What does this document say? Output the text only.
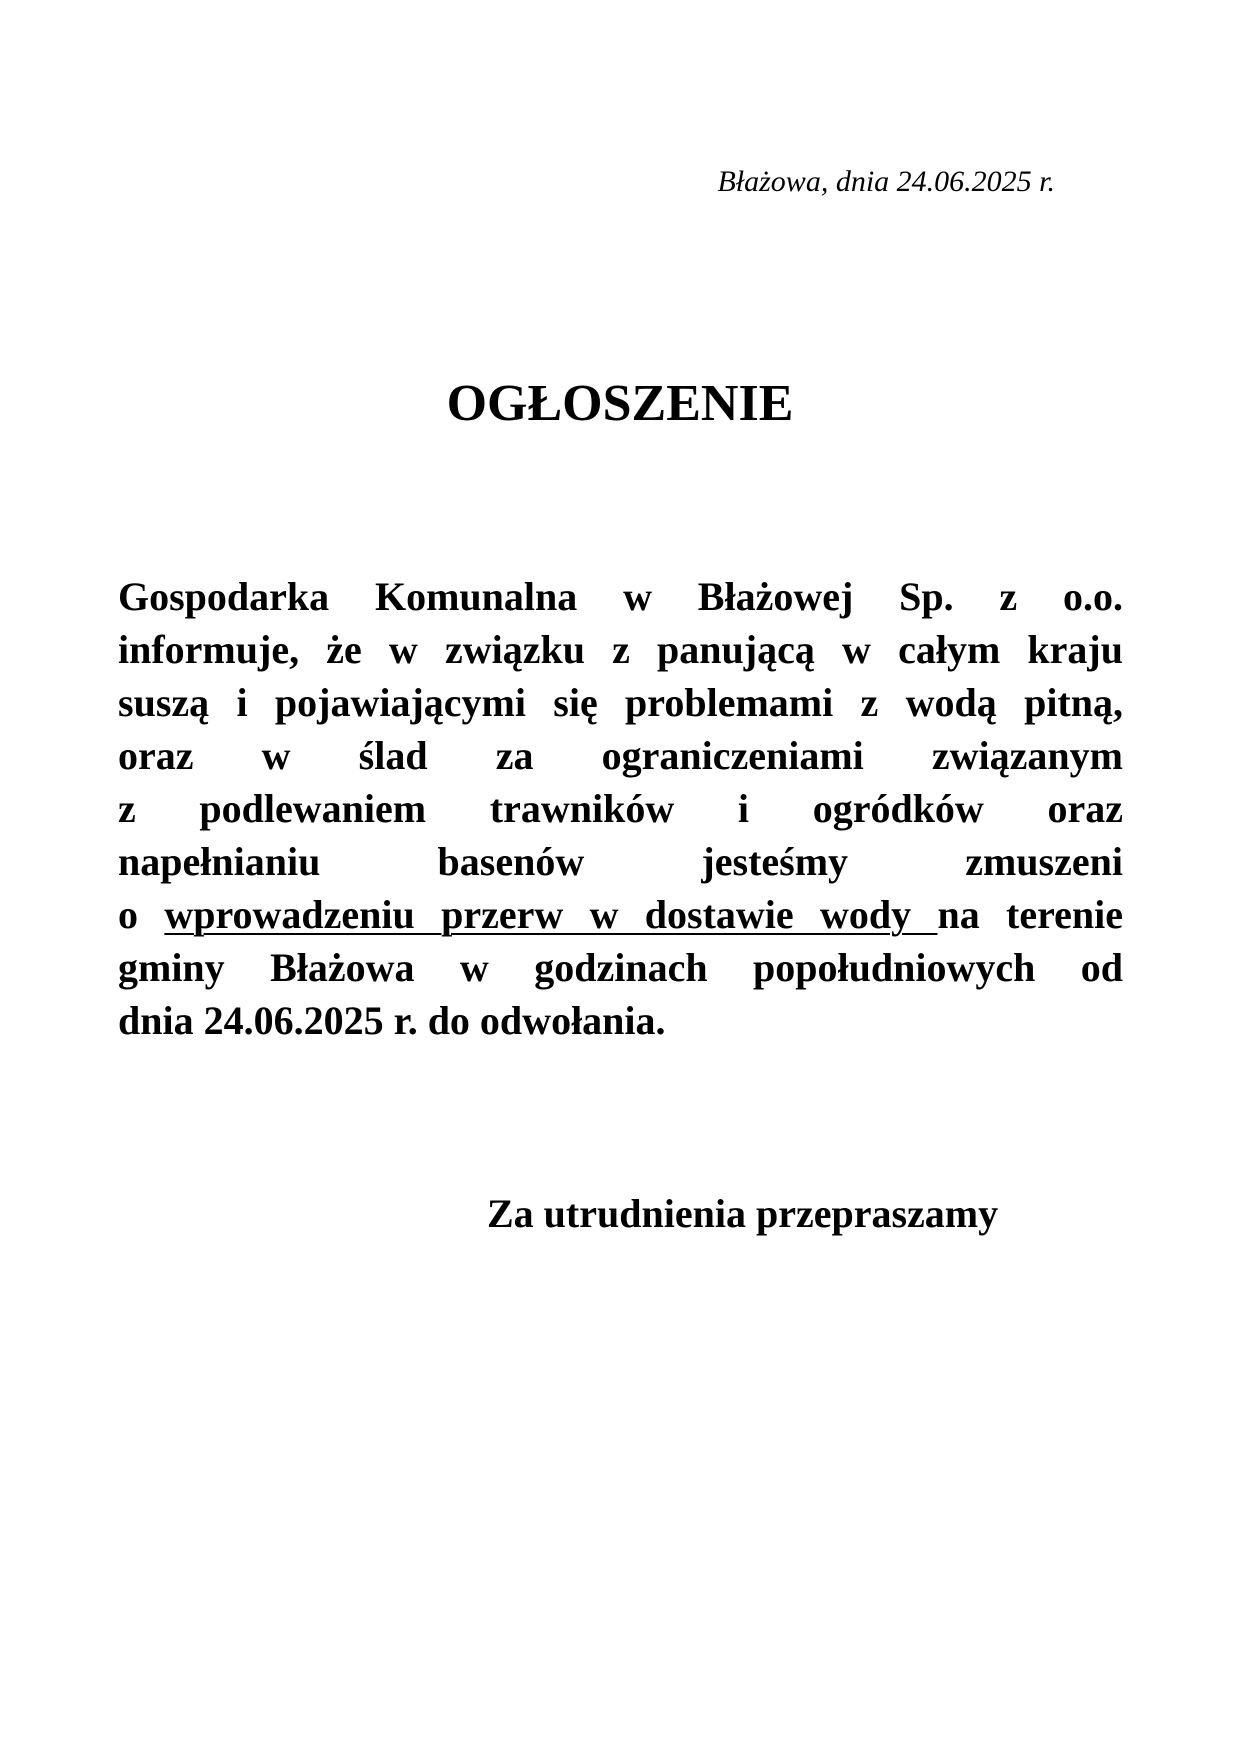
Błażowa, dnia 24.06.2025 r.
OGŁOSZENIE
Gospodarka Komunalna w Błażowej Sp. z o.o.
informuje, że w związku z panującą w całym kraju
suszą i pojawiającymi się problemami z wodą pitną,
oraz w ślad za ograniczeniami związanym
z podlewaniem trawników i ogródków oraz
napełnianiu basenów jesteśmy zmuszeni
o wprowadzeniu przerw w dostawie wody na terenie
gminy Błażowa w godzinach popołudniowych od
dnia 24.06.2025 r. do odwołania.
Za utrudnienia przepraszamy
